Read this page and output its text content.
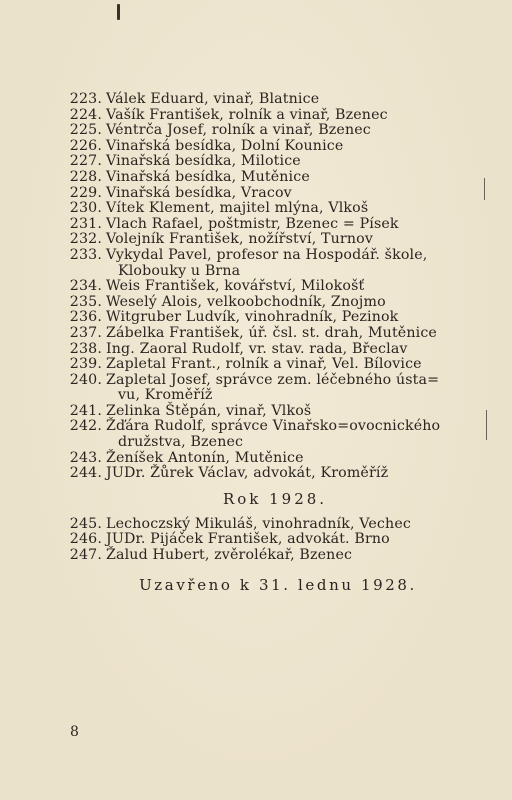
223. Válek Eduard, vinař, Blatnice
224. Vašík František, rolník a vinař, Bzenec
225. Véntrča Josef, rolník a vinař, Bzenec
226. Vinařská besídka, Dolní Kounice
227. Vinařská besídka, Milotice
228. Vinařská besídka, Mutěnice
229. Vinařská besídka, Vracov
230. Vítek Klement, majitel mlýna, Vlkoš
231. Vlach Rafael, poštmistr, Bzenec = Písek
232. Volejník František, nožířství, Turnov
233. Vykydal Pavel, profesor na Hospodář. škole,
Klobouky u Brna
234. Weis František, kovářství, Milokošť
235. Weselý Alois, velkoobchodník, Znojmo
236. Witgruber Ludvík, vinohradník, Pezinok
237. Zábelka František, úř. čsl. st. drah, Mutěnice
238. Ing. Zaoral Rudolf, vr. stav. rada, Břeclav
239. Zapletal Frant., rolník a vinař, Vel. Bílovice
240. Zapletal Josef, správce zem. léčebného ústa=
vu, Kroměříž
241. Zelinka Štěpán, vinař, Vlkoš
242. Žďára Rudolf, správce Vinařsko=ovocnického
družstva, Bzenec
243. Ženíšek Antonín, Mutěnice
244. JUDr. Žůrek Václav, advokát, Kroměříž
Rok 1928.
245. Lechoczský Mikuláš, vinohradník, Vechec
246. JUDr. Pijáček František, advokát. Brno
247. Žalud Hubert, zvěrolékař, Bzenec
Uzavřeno k 31. lednu 1928.
8
